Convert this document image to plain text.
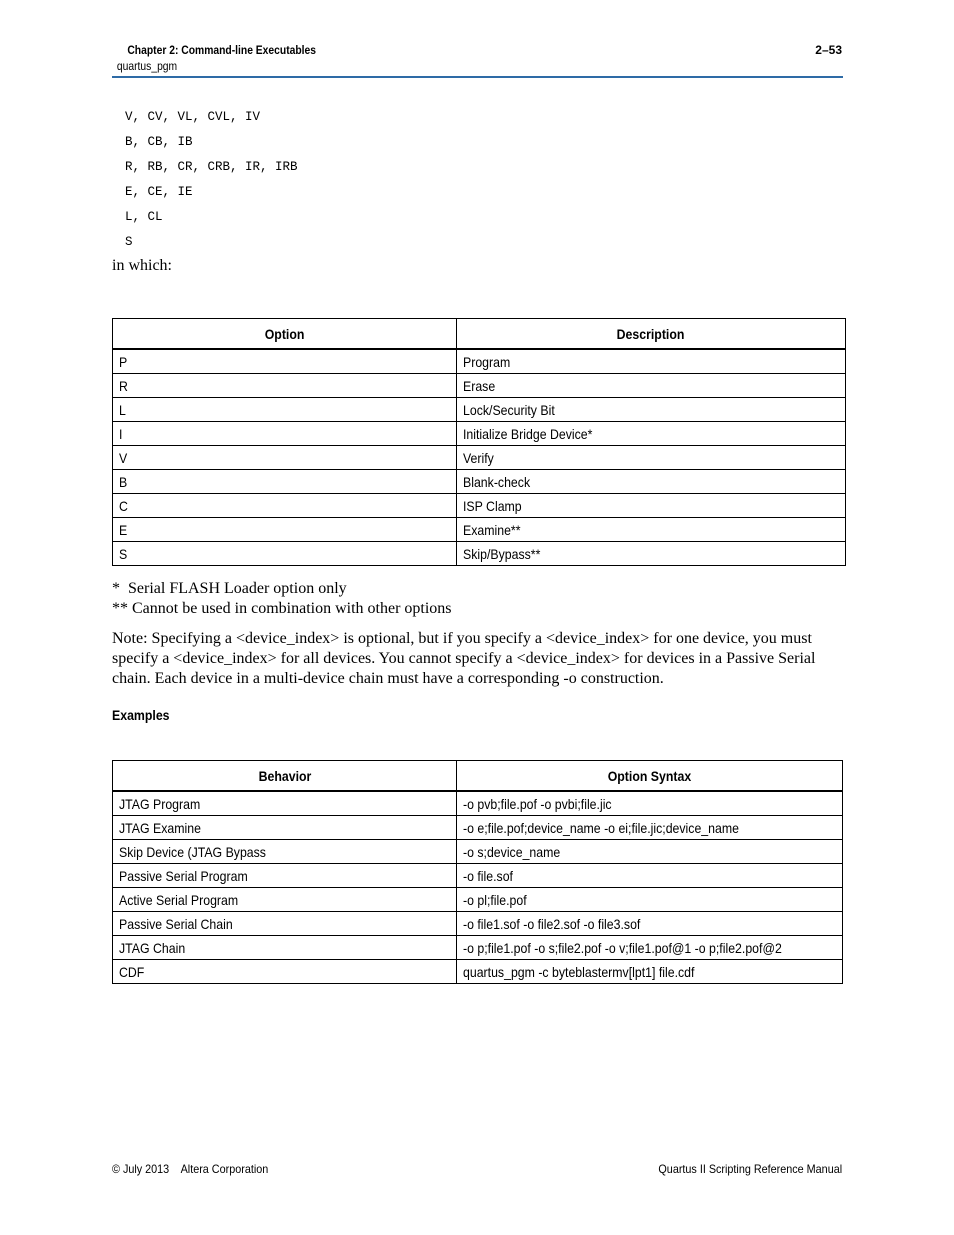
Chapter 2: Command-line Executables
quartus_pgm
2–53
V, CV, VL, CVL, IV
B, CB, IB
R, RB, CR, CRB, IR, IRB
E, CE, IE
L, CL
S
in which:
Option	Description
P	Program
R	Erase
L	Lock/Security Bit
I	Initialize Bridge Device*
V	Verify
B	Blank-check
C	ISP Clamp
E	Examine**
S	Skip/Bypass**
*  Serial FLASH Loader option only
** Cannot be used in combination with other options
Note: Specifying a <device_index> is optional, but if you specify a <device_index> for one device, you must specify a <device_index> for all devices. You cannot specify a <device_index> for devices in a Passive Serial chain. Each device in a multi-device chain must have a corresponding -o construction.
Examples
Behavior	Option Syntax
JTAG Program	-o pvb;file.pof -o pvbi;file.jic
JTAG Examine	-o e;file.pof;device_name -o ei;file.jic;device_name
Skip Device (JTAG Bypass	-o s;device_name
Passive Serial Program	-o file.sof
Active Serial Program	-o pl;file.pof
Passive Serial Chain	-o file1.sof -o file2.sof -o file3.sof
JTAG Chain	-o p;file1.pof -o s;file2.pof -o v;file1.pof@1 -o p;file2.pof@2
CDF	quartus_pgm -c byteblastermv[lpt1] file.cdf
© July 2013    Altera Corporation	Quartus II Scripting Reference Manual
